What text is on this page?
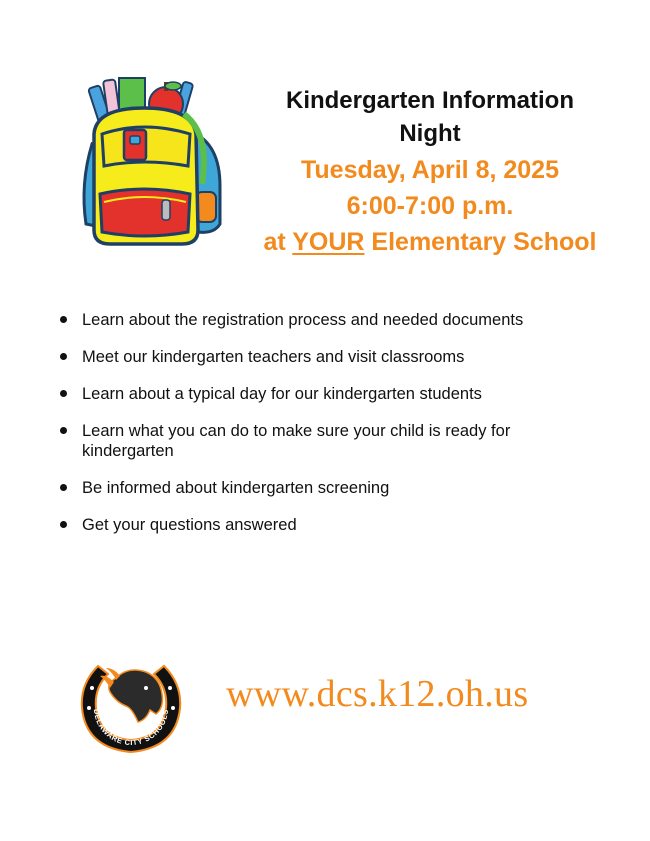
Kindergarten Information
Night
Tuesday, April 8, 2025
6:00-7:00 p.m.
at YOUR Elementary School
Learn about the registration process and needed documents
Meet our kindergarten teachers and visit classrooms
Learn about a typical day for our kindergarten students
Learn what you can do to make sure your child is ready for kindergarten
Be informed about kindergarten screening
Get your questions answered
DELAWARE CITY SCHOOLS www.dcs.k12.oh.us
